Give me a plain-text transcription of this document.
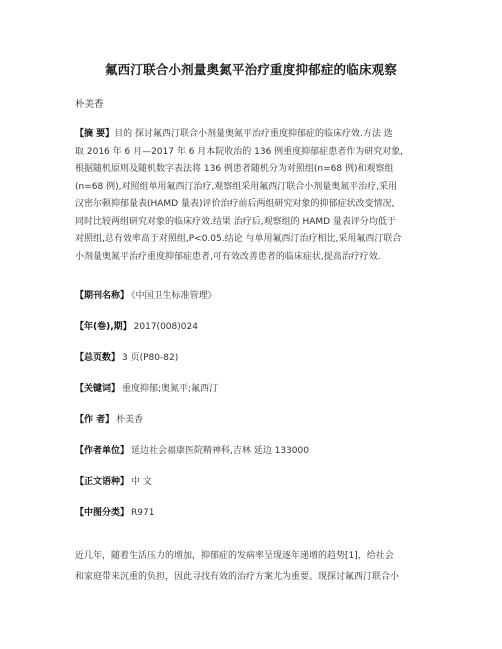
氟西汀联合小剂量奥氮平治疗重度抑郁症的临床观察
朴美香
【摘 要】目的 探讨氟西汀联合小剂量奥氮平治疗重度抑郁症的临床疗效.方法 选
取 2016 年 6 月—2017 年 6 月本院收治的 136 例重度抑郁症患者作为研究对象,
根据随机原则及随机数字表法将 136 例患者随机分为对照组(n=68 例)和观察组
(n=68 例),对照组单用氟西汀治疗,观察组采用氟西汀联合小剂量奥氮平治疗,采用
汉密尔顿抑郁量表(HAMD 量表)评价治疗前后两组研究对象的抑郁症状改变情况,
同时比较两组研究对象的临床疗效.结果 治疗后,观察组的 HAMD 量表评分均低于
对照组,总有效率高于对照组,P<0.05.结论 与单用氟西汀治疗相比,采用氟西汀联合
小剂量奥氮平治疗重度抑郁症患者,可有效改善患者的临床症状,提高治疗疗效.
【期刊名称】 《中国卫生标准管理》
【年(卷),期】 2017(008)024
【总页数】 3 页(P80-82)
【关键词】 重度抑郁;奥氮平;氟西汀
【作 者】 朴美香
【作者单位】 延边社会福康医院精神科,吉林 延边 133000
【正文语种】 中 文
【中图分类】 R971
近几年，随着生活压力的增加，抑郁症的发病率呈现逐年递增的趋势[1]，给社会
和家庭带来沉重的负担，因此寻找有效的治疗方案尤为重要。现探讨氟西汀联合小
